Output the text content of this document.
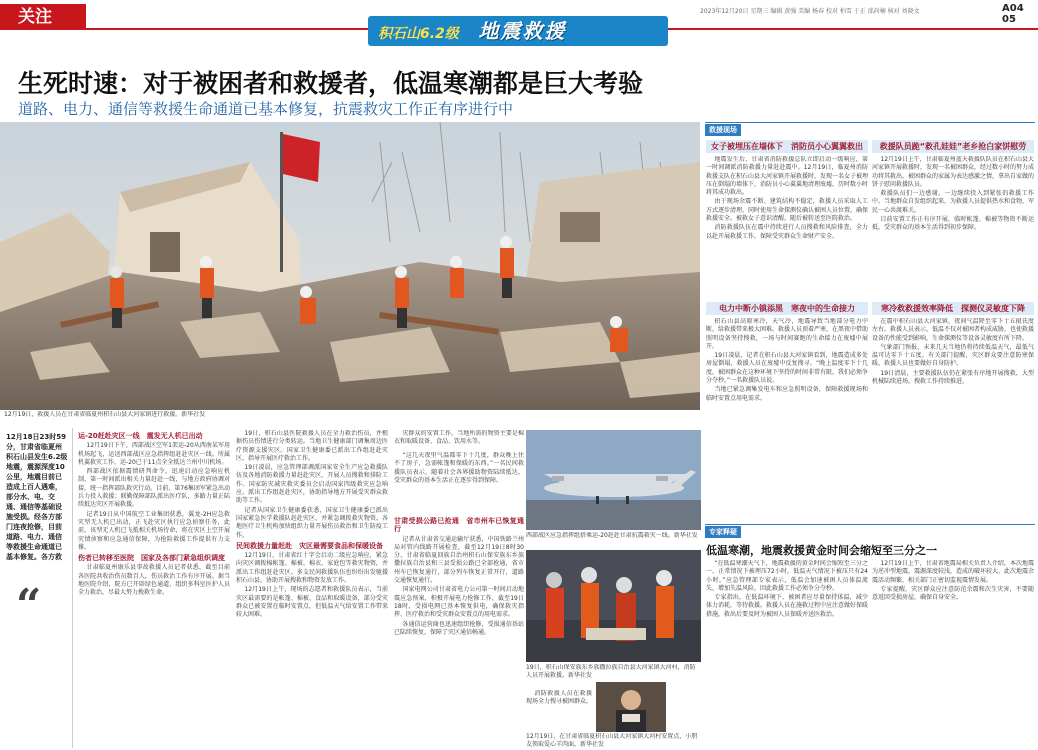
关注	2023年12月20日 星期三 编辑 黄强 美编 杨春 校对 柏雪 于正 邱尚楠 核对 刘晓文	A04 05
积石山6.2级 地震救援
生死时速：对于被困者和救援者，低温寒潮都是巨大考验
道路、电力、通信等救援生命通道已基本修复，抗震救灾工作正有序进行中
12月19日，救援人员在甘肃省临夏州积石山县大河家镇进行救援。新华社发
12月18日23时59分，甘肃省临夏州积石山县发生6.2级地震，震源深度10公里，地震目前已造成上百人遇难，部分水、电、交通、通信等基础设施受损。经各方部门连夜抢修，目前道路、电力、通信等救援生命通道已基本修复。各方救
“
运-20赶赴灾区一线　震发无人机已出动

12月19日下午，西部战区空军1架运-20从西南某军用机场起飞，运送西部战区应急指挥组赶赴灾区一线。所属机翼救灾工作，运-20已于11点全全抵达兰州中川机场。

西部战区依据震情研判命令，迅速启动应急响应机制，第一时间派出相关力量赶赴一线，与地方政府协调对接，统一指挥部队救灾行动。目前，第76集团军紧急出动兵力投入救援；联勤保障部队派出医疗队，多路力量正陆续抵达灾区开展救援。

记者19日从中国航空工业集团获悉，翼龙-2H应急救灾型无人机已出动，正飞赴灾区执行应急侦察任务，此前，该型无人机已飞抵相关机场待命，将在灾区上空开展灾情侦察和应急通信保障，为抢险救援工作提供有力支撑。

伤者已转移至医院　国家及各部门紧急组织调度

甘肃临夏州康乐县事故救援人员记者获悉，截至目前各医院共收治伤员数百人，伤员救治工作有序开展。据当地医院介绍，院方已开辟绿色通道，组织多科室医护人员全力救治，尽最大努力挽救生命。

19日，积石山县医院救援人员在全力救治伤员，并根据伤员伤情进行分类转运。当地卫生健康部门调集周边医疗资源支援灾区。国家卫生健康委已派出工作组赶赴灾区，指导开展医疗救治工作。

19日凌晨，应急管理部调派国家安全生产应急救援队伍及各地消防救援力量赶赴灾区，开展人员搜救和排险工作。国家防灾减灾救灾委员会启动国家四级救灾应急响应，派出工作组赶赴灾区，协助指导地方开展受灾群众救助等工作。

记者从国家卫生健康委获悉，国家卫生健康委已派出国家紧急医学救援队赶赴灾区，并紧急调拨救灾物资。各地医疗卫生机构加快组织力量开展伤员救治和卫生防疫工作。

民间救援力量赶赴　灾区最需要食品和保暖设备

12月19日，甘肃省红十字会启动二级应急响应，紧急向灾区调拨棉帐篷、棉被、棉衣、家庭包等救灾物资，并派出工作组赶赴灾区。多支民间救援队伍也纷纷出发驰援积石山县，协助开展搜救和物资发放工作。

12月19日上午，现场的志愿者和救援队员表示，当前灾区最需要的是帐篷、棉被、食品和取暖设备，部分受灾群众已被安置在临时安置点，但低温天气给安置工作带来较大困难。

灾群众的安置工作，当地所需的物资主要是棉衣和取暖设备、食品、饮用水等。

“这几天夜里气温都零下十几度，群众晚上住不了房子，急需帐篷和保暖的东西。”一名民间救援队员表示，随着社会各界援助物资陆续抵达，受灾群众的基本生活正在逐步得到保障。

西部战区应急指挥组搭乘运-20赶赴甘肃抗震救灾一线。新华社发
甘肃受损公路已抢通　省市州车已恢复通行

记者从甘肃省交通运输厅获悉，中国铁路兰州局对管内线路开展检查，截至12月19日8时30分，甘肃省临夏回族自治州积石山保安族东乡族撒拉族自治县和三县受损公路已全部抢通，省市州车已恢复通行，部分列车恢复正常开行，道路交通恢复通行。

国家电网公司甘肃省电力公司第一时间启动地震应急预案，积极开展电力抢修工作，截至19日18时，受损电网已基本恢复供电，确保救灾指挥、医疗救治和受灾群众安置点的用电需求。

各通信运营商也迅速组织抢修，受损通信基站已陆续恢复，保障了灾区通信畅通。

19日，积石山保安族东乡族撒拉族自治县大河家镇大河村，消防人员开展救援。新华社发
12月19日，在甘肃省临夏积石山县大河家镇大河村安置点，小朋友领取爱心羊肉面。新华社发

消防救援人员在救援现场全力搜寻被困群众。

救援现场
女子被埋压在墙体下　消防员小心翼翼救出

地震发生后，甘肃省消防救援总队立即启动一级响应，第一时间调派消防救援力量赶赴震中。12月19日，临夏州消防救援支队在积石山县大河家镇开展救援时，发现一名女子被埋压在倒塌的墙体下，消防员小心翼翼地清理废墟，历时数小时将其成功救出。

由于现场余震不断、建筑结构不稳定，救援人员采取人工方式逐步清理，同时使用生命探测仪确认被困人员位置，确保救援安全。被救女子意识清醒，随后被转送至医院救治。

消防救援队伍在震中持续进行人员搜救和风险排查，全力以赴开展救援工作，保障受灾群众生命财产安全。

救援队员跪“救孔娃娃”老乡抢白家饼慰劳

12月19日上午，甘肃临夏州蓝天救援队队员在积石山县大河家镇开展救援时，发现一名被困群众，经过数小时的努力成功将其救出。被困群众的家属为表达感激之情，拿出自家做的饼子慰问救援队员。

救援队员们一边感谢，一边继续投入到紧张的救援工作中。当地群众自发组织起来，为救援人员提供热水和食物，军民一心共渡难关。

目前安置工作正有序开展，临时帐篷、棉被等物资不断运抵，受灾群众的基本生活得到初步保障。

电力中断小镇添黑　寒夜中的生命接力

积石山县高原寒冷，天气冷，地震导致当地部分电力中断，给救援带来极大困难。救援人员顶着严寒，在黑夜中借助照明设备坚持搜救，一场与时间赛跑的生命接力在废墟中展开。

19日凌晨，记者在积石山县大河家镇看到，地震造成多处房屋倒塌，救援人员在废墟中反复搜寻。“晚上温度零下十几度，被困群众在这种环境下坚持的时间非常有限，我们必须争分夺秒。”一名救援队员说。

当地已紧急调集发电车和应急照明设备，保障救援现场和临时安置点用电需求。

寒冷救救援效率降低　探测仪灵敏度下降

在震中积石山县大河家镇，夜间气温降至零下十五摄氏度左右。救援人员表示，低温不仅对被困者构成威胁，也使救援设备的性能受到影响，生命探测仪等设备灵敏度有所下降。

气象部门预报，未来几天当地仍将持续低温天气，最低气温可达零下十五度。有关部门提醒，灾区群众要注意防寒保暖，救援人员也要做好自身防护。

19日清晨，主要救援队伍仍在紧张有序地开展搜救，大型机械陆续进场，搜救工作持续推进。

专家释疑
低温寒潮，地震救援黄金时间会缩短至三分之一

“在低温寒潮天气下，地震救援的黄金时间会缩短至三分之一，正常情况下被埋压72小时，低温天气情况下被压只有24小时。”应急管理部专家表示，低温会加速被困人员体温流失，增加失温风险，因此救援工作必须争分夺秒。

专家指出，在低温环境下，被困者应尽量保持体温，减少体力消耗，等待救援。救援人员在施救过程中应注意做好保暖措施，救出后要及时为被困人员保暖并送医救治。

12月19日上午，甘肃省地震局相关负责人介绍，本次地震为逆冲型地震，震源深度较浅，造成的破坏较大。此次地震余震活动频繁，相关部门正密切监视震情发展。

专家提醒，灾区群众应注意防范余震和次生灾害，不要随意返回受损房屋，确保自身安全。
